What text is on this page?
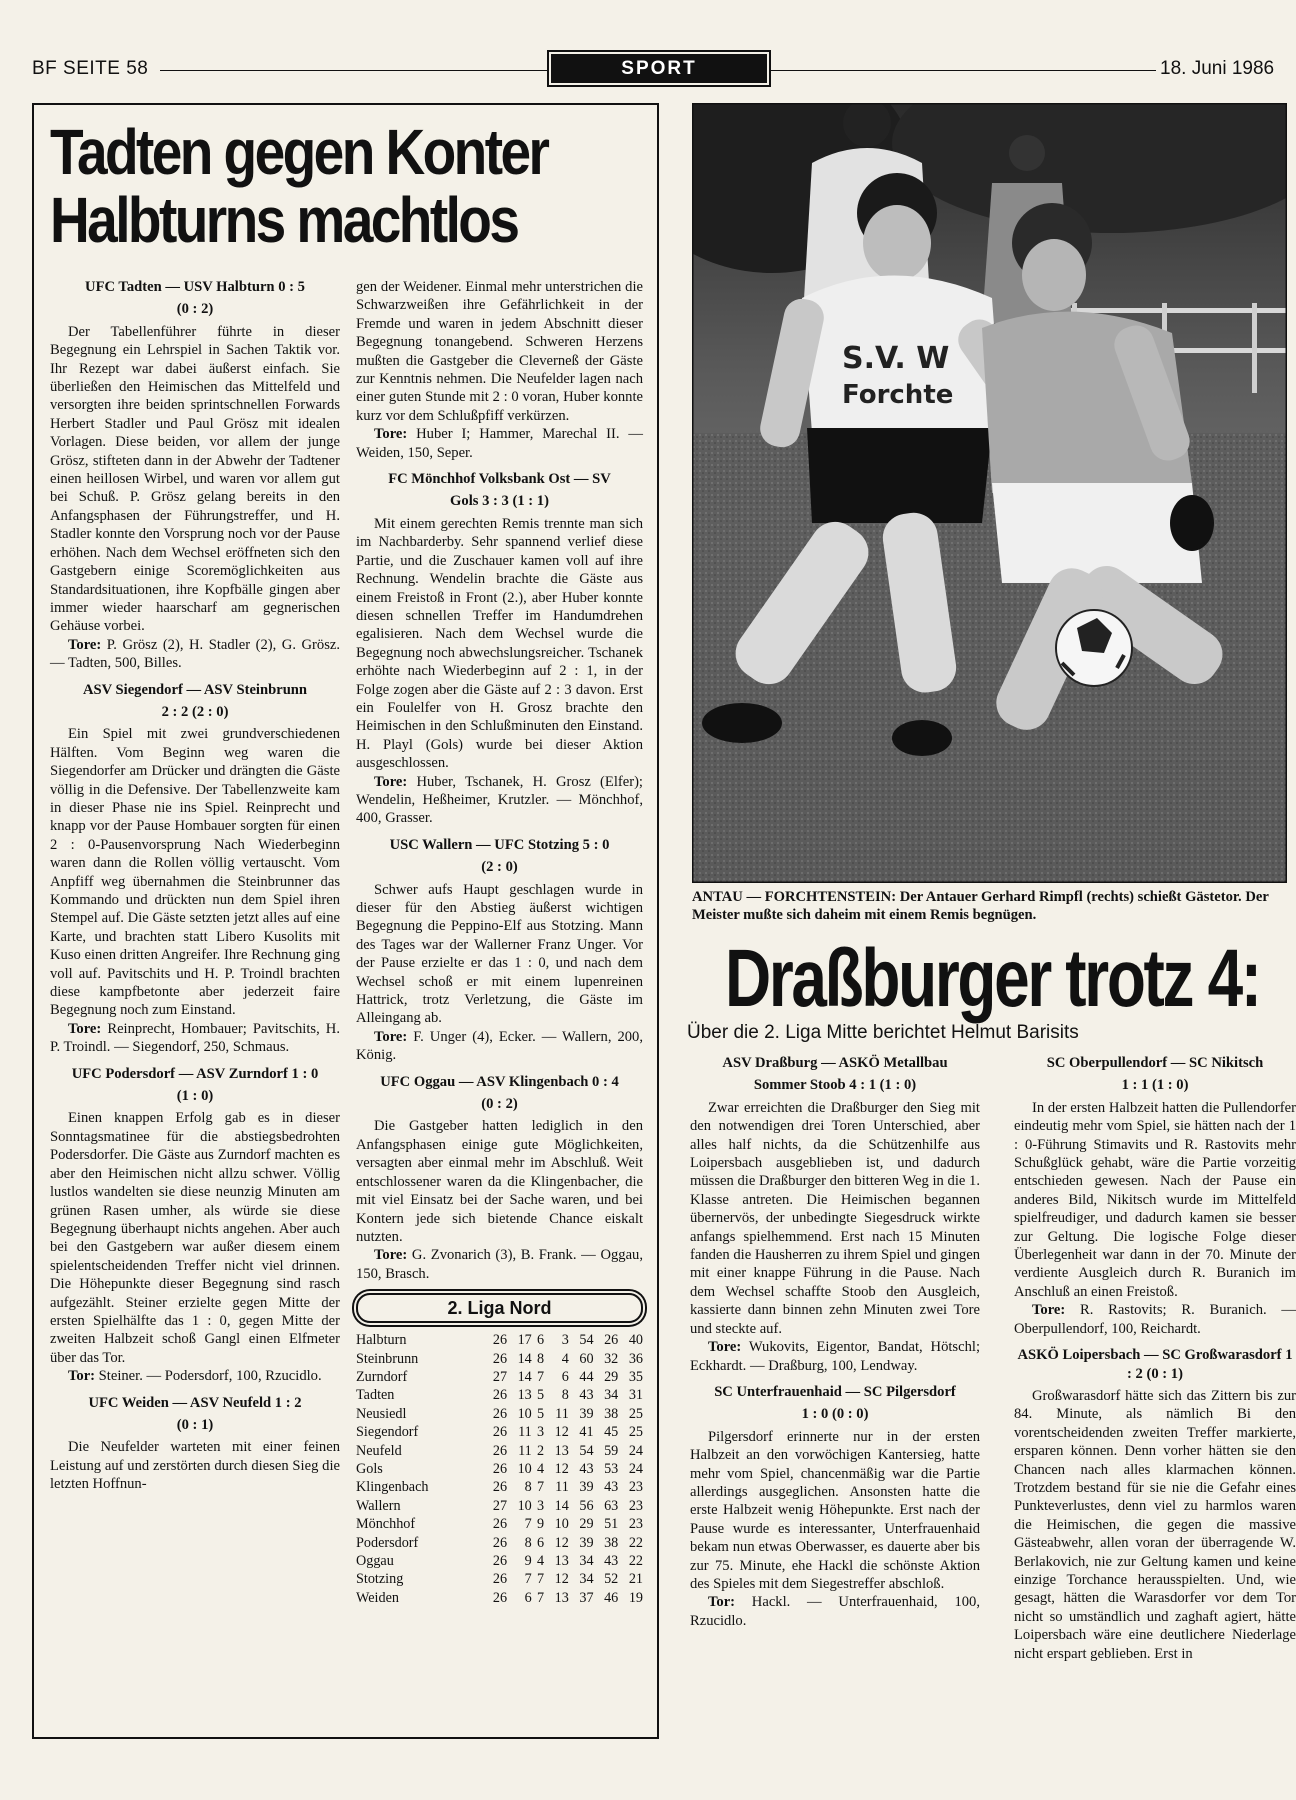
BF SEITE 58	SPORT	18. Juni 1986
Tadten gegen Konter
Halbturns machtlos
UFC Tadten — USV Halbturn 0 : 5
(0 : 2)

Der Tabellenführer führte in dieser Begegnung ein Lehrspiel in Sachen Taktik vor. Ihr Rezept war dabei äußerst einfach. Sie überließen den Heimischen das Mittelfeld und versorgten ihre beiden sprintschnellen Forwards Herbert Stadler und Paul Grösz mit idealen Vorlagen. Diese beiden, vor allem der junge Grösz, stifteten dann in der Abwehr der Tadtener einen heillosen Wirbel, und waren vor allem gut bei Schuß. P. Grösz gelang bereits in den Anfangsphasen der Führungstreffer, und H. Stadler konnte den Vorsprung noch vor der Pause erhöhen. Nach dem Wechsel eröffneten sich den Gastgebern einige Scoremöglichkeiten aus Standardsituationen, ihre Kopfbälle gingen aber immer wieder haarscharf am gegnerischen Gehäuse vorbei.

Tore: P. Grösz (2), H. Stadler (2), G. Grösz. — Tadten, 500, Billes.

ASV Siegendorf — ASV Steinbrunn
2 : 2 (2 : 0)

Ein Spiel mit zwei grundverschiedenen Hälften. Vom Beginn weg waren die Siegendorfer am Drücker und drängten die Gäste völlig in die Defensive. Der Tabellenzweite kam in dieser Phase nie ins Spiel. Reinprecht und knapp vor der Pause Hombauer sorgten für einen 2 : 0-Pausenvorsprung Nach Wiederbeginn waren dann die Rollen völlig vertauscht. Vom Anpfiff weg übernahmen die Steinbrunner das Kommando und drückten nun dem Spiel ihren Stempel auf. Die Gäste setzten jetzt alles auf eine Karte, und brachten statt Libero Kusolits mit Kuso einen dritten Angreifer. Ihre Rechnung ging voll auf. Pavitschits und H. P. Troindl brachten diese kampfbetonte aber jederzeit faire Begegnung noch zum Einstand.

Tore: Reinprecht, Hombauer; Pavitschits, H. P. Troindl. — Siegendorf, 250, Schmaus.

UFC Podersdorf — ASV Zurndorf 1 : 0
(1 : 0)

Einen knappen Erfolg gab es in dieser Sonntagsmatinee für die abstiegsbedrohten Podersdorfer. Die Gäste aus Zurndorf machten es aber den Heimischen nicht allzu schwer. Völlig lustlos wandelten sie diese neunzig Minuten am grünen Rasen umher, als würde sie diese Begegnung überhaupt nichts angehen. Aber auch bei den Gastgebern war außer diesem einem spielentscheidenden Treffer nicht viel drinnen. Die Höhepunkte dieser Begegnung sind rasch aufgezählt. Steiner erzielte gegen Mitte der ersten Spielhälfte das 1 : 0, gegen Mitte der zweiten Halbzeit schoß Gangl einen Elfmeter über das Tor.

Tor: Steiner. — Podersdorf, 100, Rzucidlo.

UFC Weiden — ASV Neufeld 1 : 2
(0 : 1)

Die Neufelder warteten mit einer feinen Leistung auf und zerstörten durch diesen Sieg die letzten Hoffnun-

gen der Weidener. Einmal mehr unterstrichen die Schwarzweißen ihre Gefährlichkeit in der Fremde und waren in jedem Abschnitt dieser Begegnung tonangebend. Schweren Herzens mußten die Gastgeber die Cleverneß der Gäste zur Kenntnis nehmen. Die Neufelder lagen nach einer guten Stunde mit 2 : 0 voran, Huber konnte kurz vor dem Schlußpfiff verkürzen.

Tore: Huber I; Hammer, Marechal II. — Weiden, 150, Seper.

FC Mönchhof Volksbank Ost — SV
Gols 3 : 3 (1 : 1)

Mit einem gerechten Remis trennte man sich im Nachbarderby. Sehr spannend verlief diese Partie, und die Zuschauer kamen voll auf ihre Rechnung. Wendelin brachte die Gäste aus einem Freistoß in Front (2.), aber Huber konnte diesen schnellen Treffer im Handumdrehen egalisieren. Nach dem Wechsel wurde die Begegnung noch abwechslungsreicher. Tschanek erhöhte nach Wiederbeginn auf 2 : 1, in der Folge zogen aber die Gäste auf 2 : 3 davon. Erst ein Foulelfer von H. Grosz brachte den Heimischen in den Schlußminuten den Einstand. H. Playl (Gols) wurde bei dieser Aktion ausgeschlossen.

Tore: Huber, Tschanek, H. Grosz (Elfer); Wendelin, Heßheimer, Krutzler. — Mönchhof, 400, Grasser.

USC Wallern — UFC Stotzing 5 : 0
(2 : 0)

Schwer aufs Haupt geschlagen wurde in dieser für den Abstieg äußerst wichtigen Begegnung die Peppino-Elf aus Stotzing. Mann des Tages war der Wallerner Franz Unger. Vor der Pause erzielte er das 1 : 0, und nach dem Wechsel schoß er mit einem lupenreinen Hattrick, trotz Verletzung, die Gäste im Alleingang ab.

Tore: F. Unger (4), Ecker. — Wallern, 200, König.

UFC Oggau — ASV Klingenbach 0 : 4
(0 : 2)

Die Gastgeber hatten lediglich in den Anfangsphasen einige gute Möglichkeiten, versagten aber einmal mehr im Abschluß. Weit entschlossener waren da die Klingenbacher, die mit viel Einsatz bei der Sache waren, und bei Kontern jede sich bietende Chance eiskalt nutzten.

Tore: G. Zvonarich (3), B. Frank. — Oggau, 150, Brasch.

2. Liga Nord
Halbturn	26	17	6	3	54	26	40
Steinbrunn	26	14	8	4	60	32	36
Zurndorf	27	14	7	6	44	29	35
Tadten	26	13	5	8	43	34	31
Neusiedl	26	10	5	11	39	38	25
Siegendorf	26	11	3	12	41	45	25
Neufeld	26	11	2	13	54	59	24
Gols	26	10	4	12	43	53	24
Klingenbach	26	8	7	11	39	43	23
Wallern	27	10	3	14	56	63	23
Mönchhof	26	7	9	10	29	51	23
Podersdorf	26	8	6	12	39	38	22
Oggau	26	9	4	13	34	43	22
Stotzing	26	7	7	12	34	52	21
Weiden	26	6	7	13	37	46	19
S.V. W
Forchte
ANTAU — FORCHTENSTEIN: Der Antauer Gerhard Rimpfl (rechts) schießt Gästetor. Der Meister mußte sich daheim mit einem Remis begnügen.
Draßburger trotz 4:
Über die 2. Liga Mitte berichtet Helmut Barisits
ASV Draßburg — ASKÖ Metallbau
Sommer Stoob 4 : 1 (1 : 0)

Zwar erreichten die Draßburger den Sieg mit den notwendigen drei Toren Unterschied, aber alles half nichts, da die Schützenhilfe aus Loipersbach ausgeblieben ist, und dadurch müssen die Draßburger den bitteren Weg in die 1. Klasse antreten. Die Heimischen begannen übernervös, der unbedingte Siegesdruck wirkte anfangs spielhemmend. Erst nach 15 Minuten fanden die Hausherren zu ihrem Spiel und gingen mit einer knappe Führung in die Pause. Nach dem Wechsel schaffte Stoob den Ausgleich, kassierte dann binnen zehn Minuten zwei Tore und steckte auf.

Tore: Wukovits, Eigentor, Bandat, Hötschl; Eckhardt. — Draßburg, 100, Lendway.

SC Unterfrauenhaid — SC Pilgersdorf
1 : 0 (0 : 0)

Pilgersdorf erinnerte nur in der ersten Halbzeit an den vorwöchigen Kantersieg, hatte mehr vom Spiel, chancenmäßig war die Partie allerdings ausgeglichen. Ansonsten hatte die erste Halbzeit wenig Höhepunkte. Erst nach der Pause wurde es interessanter, Unterfrauenhaid bekam nun etwas Oberwasser, es dauerte aber bis zur 75. Minute, ehe Hackl die schönste Aktion des Spieles mit dem Siegestreffer abschloß.

Tor: Hackl. — Unterfrauenhaid, 100, Rzucidlo.

SC Oberpullendorf — SC Nikitsch
1 : 1 (1 : 0)

In der ersten Halbzeit hatten die Pullendorfer eindeutig mehr vom Spiel, sie hätten nach der 1 : 0-Führung Stimavits und R. Rastovits mehr Schußglück gehabt, wäre die Partie vorzeitig entschieden gewesen. Nach der Pause ein anderes Bild, Nikitsch wurde im Mittelfeld spielfreudiger, und dadurch kamen sie besser zur Geltung. Die logische Folge dieser Überlegenheit war dann in der 70. Minute der verdiente Ausgleich durch R. Buranich im Anschluß an einen Freistoß.

Tore: R. Rastovits; R. Buranich. — Oberpullendorf, 100, Reichardt.

ASKÖ Loipersbach — SC Großwarasdorf 1 : 2 (0 : 1)

Großwarasdorf hätte sich das Zittern bis zur 84. Minute, als nämlich Bi den vorentscheidenden zweiten Treffer markierte, ersparen können. Denn vorher hätten sie den Chancen nach alles klarmachen können. Trotzdem bestand für sie nie die Gefahr eines Punkteverlustes, denn viel zu harmlos waren die Heimischen, die gegen die massive Gästeabwehr, allen voran der überragende W. Berlakovich, nie zur Geltung kamen und keine einzige Torchance herausspielten. Und, wie gesagt, hätten die Warasdorfer vor dem Tor nicht so umständlich und zaghaft agiert, hätte Loipersbach wäre eine deutlichere Niederlage nicht erspart geblieben. Erst in
